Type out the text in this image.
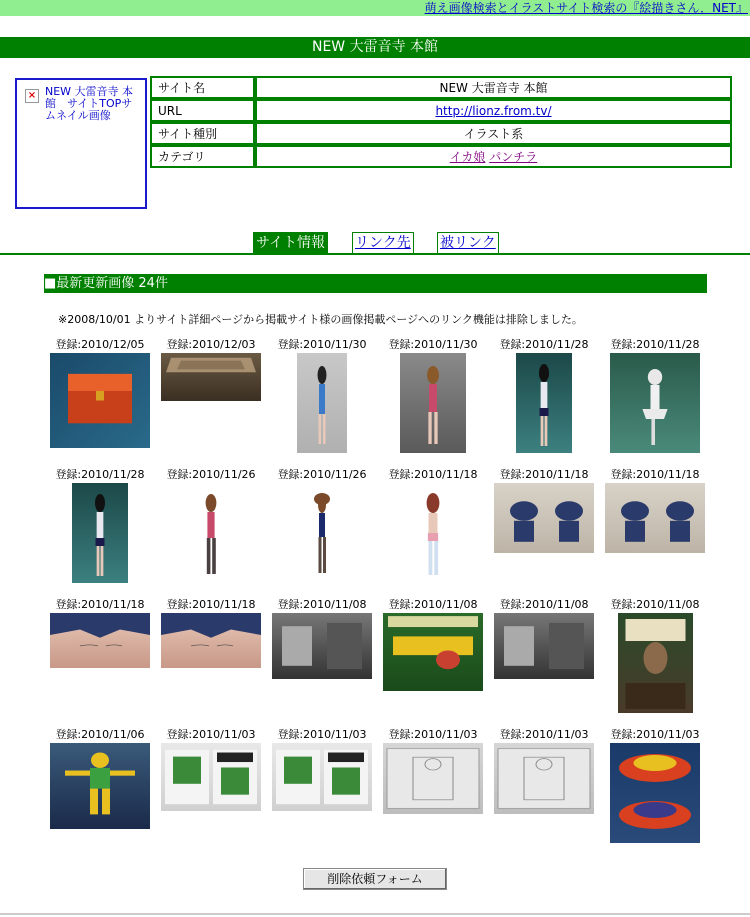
萌え画像検索とイラストサイト検索の『絵描きさん．NET』
NEW 大雷音寺 本館
× NEW 大雷音寺 本館　サイトTOPサムネイル画像
サイト名	NEW 大雷音寺 本館
URL	http://lionz.from.tv/
サイト種別	イラスト系
カテゴリ	イカ娘 パンチラ
サイト情報 リンク先 被リンク
■最新更新画像 24件
※2008/10/01 よりサイト詳細ページから掲載サイト様の画像掲載ページへのリンク機能は排除しました。
登録:2010/12/05	登録:2010/12/03	登録:2010/11/30	登録:2010/11/30	登録:2010/11/28	登録:2010/11/28
登録:2010/11/28	登録:2010/11/26	登録:2010/11/26	登録:2010/11/18	登録:2010/11/18	登録:2010/11/18
登録:2010/11/18	登録:2010/11/18	登録:2010/11/08	登録:2010/11/08	登録:2010/11/08	登録:2010/11/08
登録:2010/11/06	登録:2010/11/03	登録:2010/11/03	登録:2010/11/03	登録:2010/11/03	登録:2010/11/03
削除依頼フォーム
